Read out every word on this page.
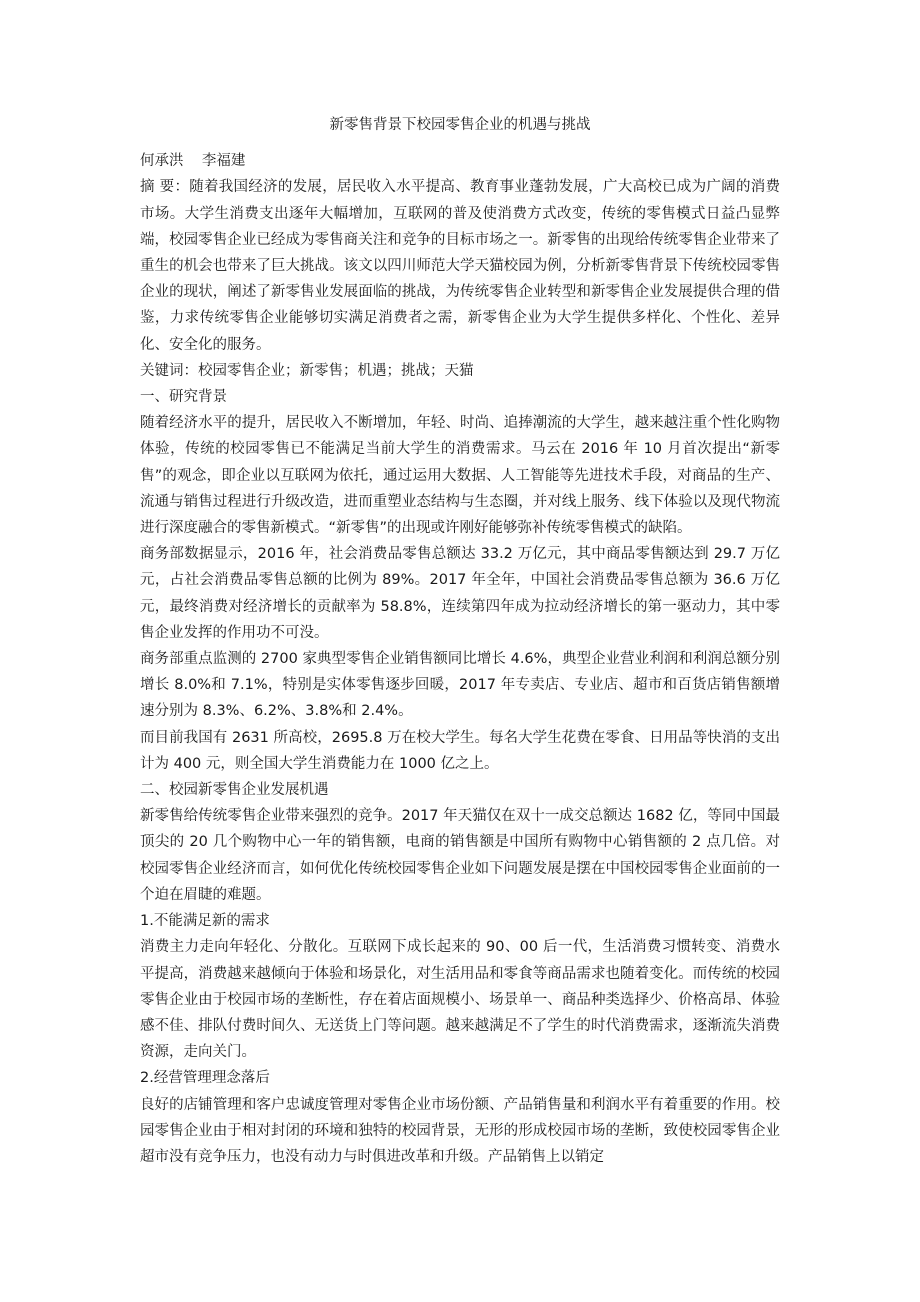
新零售背景下校园零售企业的机遇与挑战
何承洪    李福建
摘 要：随着我国经济的发展，居民收入水平提高、教育事业蓬勃发展，广大高校已成为广阔的消费市场。大学生消费支出逐年大幅增加，互联网的普及使消费方式改变，传统的零售模式日益凸显弊端，校园零售企业已经成为零售商关注和竞争的目标市场之一。新零售的出现给传统零售企业带来了重生的机会也带来了巨大挑战。该文以四川师范大学天猫校园为例，分析新零售背景下传统校园零售企业的现状，阐述了新零售业发展面临的挑战，为传统零售企业转型和新零售企业发展提供合理的借鉴，力求传统零售企业能够切实满足消费者之需，新零售企业为大学生提供多样化、个性化、差异化、安全化的服务。
关键词：校园零售企业；新零售；机遇；挑战；天猫
一、研究背景
随着经济水平的提升，居民收入不断增加，年轻、时尚、追捧潮流的大学生，越来越注重个性化购物体验，传统的校园零售已不能满足当前大学生的消费需求。马云在 2016 年 10 月首次提出“新零售”的观念，即企业以互联网为依托，通过运用大数据、人工智能等先进技术手段，对商品的生产、流通与销售过程进行升级改造，进而重塑业态结构与生态圈，并对线上服务、线下体验以及现代物流进行深度融合的零售新模式。“新零售”的出现或许刚好能够弥补传统零售模式的缺陷。
商务部数据显示，2016 年，社会消费品零售总额达 33.2 万亿元，其中商品零售额达到 29.7 万亿元，占社会消费品零售总额的比例为 89%。2017 年全年，中国社会消费品零售总额为 36.6 万亿元，最终消费对经济增长的贡献率为 58.8%，连续第四年成为拉动经济增长的第一驱动力，其中零售企业发挥的作用功不可没。
商务部重点监测的 2700 家典型零售企业销售额同比增长 4.6%，典型企业营业利润和利润总额分别增长 8.0%和 7.1%，特别是实体零售逐步回暖，2017 年专卖店、专业店、超市和百货店销售额增速分别为 8.3%、6.2%、3.8%和 2.4%。
而目前我国有 2631 所高校，2695.8 万在校大学生。每名大学生花费在零食、日用品等快消的支出计为 400 元，则全国大学生消费能力在 1000 亿之上。
二、校园新零售企业发展机遇
新零售给传统零售企业带来强烈的竞争。2017 年天猫仅在双十一成交总额达 1682 亿，等同中国最顶尖的 20 几个购物中心一年的销售额，电商的销售额是中国所有购物中心销售额的 2 点几倍。对校园零售企业经济而言，如何优化传统校园零售企业如下问题发展是摆在中国校园零售企业面前的一个迫在眉睫的难题。
1.不能满足新的需求
消费主力走向年轻化、分散化。互联网下成长起来的 90、00 后一代，生活消费习惯转变、消费水平提高，消费越来越倾向于体验和场景化，对生活用品和零食等商品需求也随着变化。而传统的校园零售企业由于校园市场的垄断性，存在着店面规模小、场景单一、商品种类选择少、价格高昂、体验感不佳、排队付费时间久、无送货上门等问题。越来越满足不了学生的时代消费需求，逐渐流失消费资源，走向关门。
2.经营管理理念落后
良好的店铺管理和客户忠诚度管理对零售企业市场份额、产品销售量和利润水平有着重要的作用。校园零售企业由于相对封闭的环境和独特的校园背景，无形的形成校园市场的垄断，致使校园零售企业超市没有竞争压力，也没有动力与时俱进改革和升级。产品销售上以销定
